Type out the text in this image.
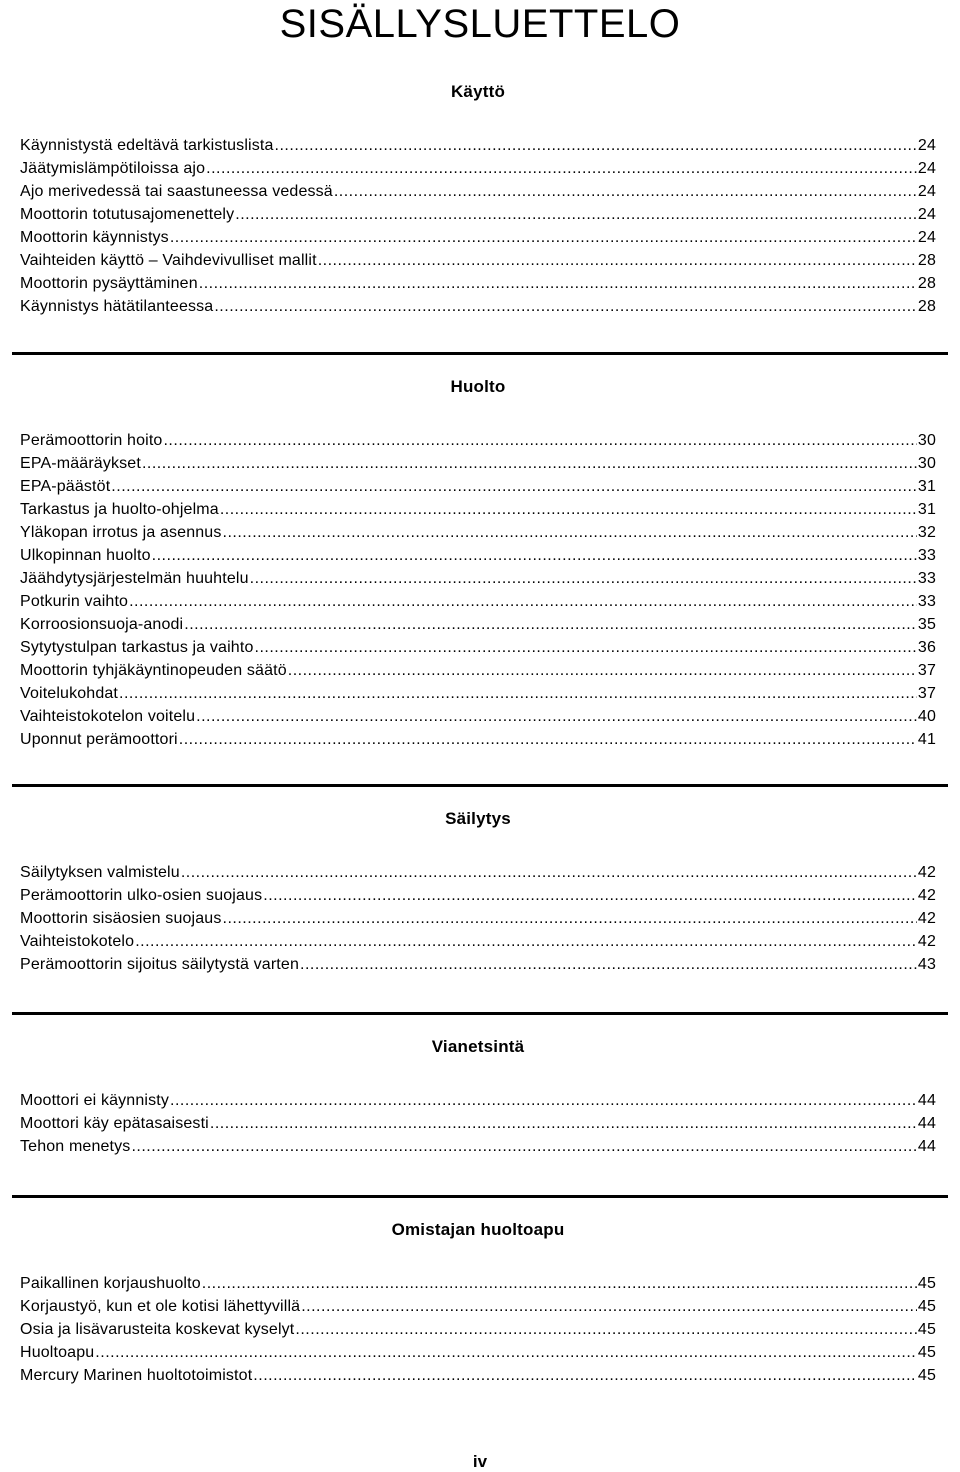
SISÄLLYSLUETTELO
Käyttö
Käynnistystä edeltävä tarkistuslista .....	24
Jäätymislämpötiloissa ajo .....	24
Ajo merivedessä tai saastuneessa vedessä .....	24
Moottorin totutusajomenettely .....	24
Moottorin käynnistys .....	24
Vaihteiden käyttö – Vaihdevivulliset mallit .....	28
Moottorin pysäyttäminen .....	28
Käynnistys hätätilanteessa .....	28
Huolto
Perämoottorin hoito .....	30
EPA-määräykset .....	30
EPA-päästöt .....	31
Tarkastus ja huolto-ohjelma .....	31
Yläkopan irrotus ja asennus .....	32
Ulkopinnan huolto .....	33
Jäähdytysjärjestelmän huuhtelu .....	33
Potkurin vaihto .....	33
Korroosionsuoja-anodi .....	35
Sytytystulpan tarkastus ja vaihto .....	36
Moottorin tyhjäkäyntinopeuden säätö .....	37
Voitelukohdat .....	37
Vaihteistokotelon voitelu .....	40
Uponnut perämoottori .....	41
Säilytys
Säilytyksen valmistelu .....	42
Perämoottorin ulko-osien suojaus .....	42
Moottorin sisäosien suojaus .....	42
Vaihteistokotelo .....	42
Perämoottorin sijoitus säilytystä varten .....	43
Vianetsintä
Moottori ei käynnisty .....	44
Moottori käy epätasaisesti .....	44
Tehon menetys .....	44
Omistajan huoltoapu
Paikallinen korjaushuolto .....	45
Korjaustyö, kun et ole kotisi lähettyvillä .....	45
Osia ja lisävarusteita koskevat kyselyt .....	45
Huoltoapu .....	45
Mercury Marinen huoltotoimistot .....	45
iv
